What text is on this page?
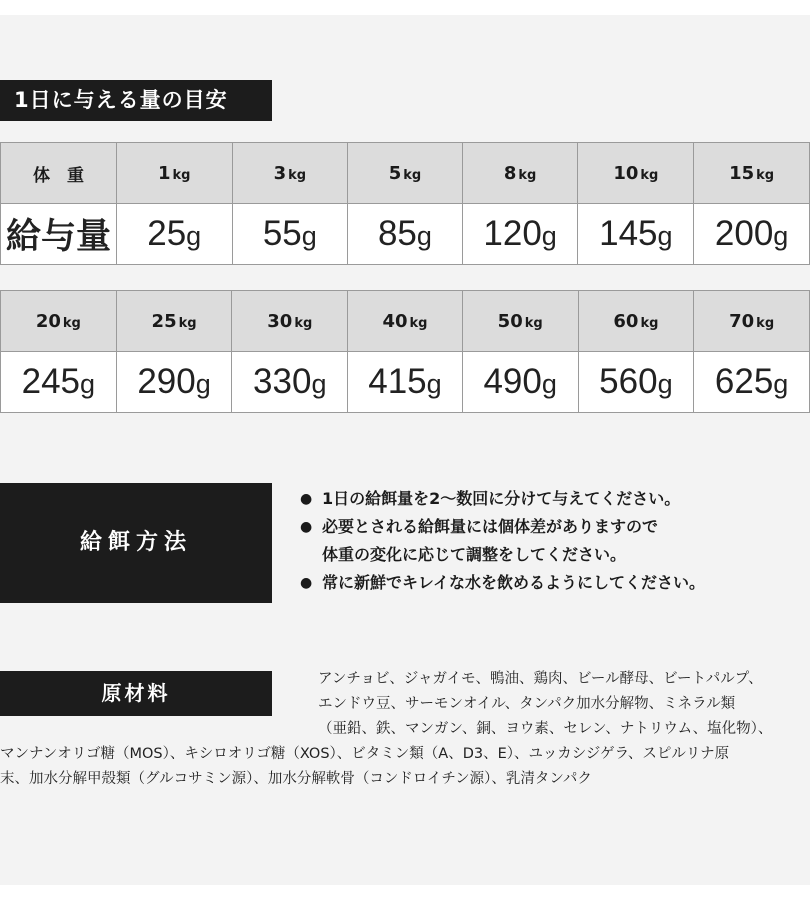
1日に与える量の目安
体　重	1 kg	3 kg	5 kg	8 kg	10 kg	15 kg
給与量	25g	55g	85g	120g	145g	200g
20 kg	25 kg	30 kg	40 kg	50 kg	60 kg	70 kg
245g	290g	330g	415g	490g	560g	625g
給餌方法
● 1日の給餌量を2～数回に分けて与えてください。
● 必要とされる給餌量には個体差がありますので
体重の変化に応じて調整をしてください。
● 常に新鮮でキレイな水を飲めるようにしてください。
原材料
アンチョビ、ジャガイモ、鴨油、鶏肉、ビール酵母、ビートパルプ、
エンドウ豆、サーモンオイル、タンパク加水分解物、ミネラル類
（亜鉛、鉄、マンガン、銅、ヨウ素、セレン、ナトリウム、塩化物）、
マンナンオリゴ糖（MOS）、キシロオリゴ糖（XOS）、ビタミン類（A、D3、E）、ユッカシジゲラ、スピルリナ原
末、加水分解甲殻類（グルコサミン源）、加水分解軟骨（コンドロイチン源）、乳清タンパク
